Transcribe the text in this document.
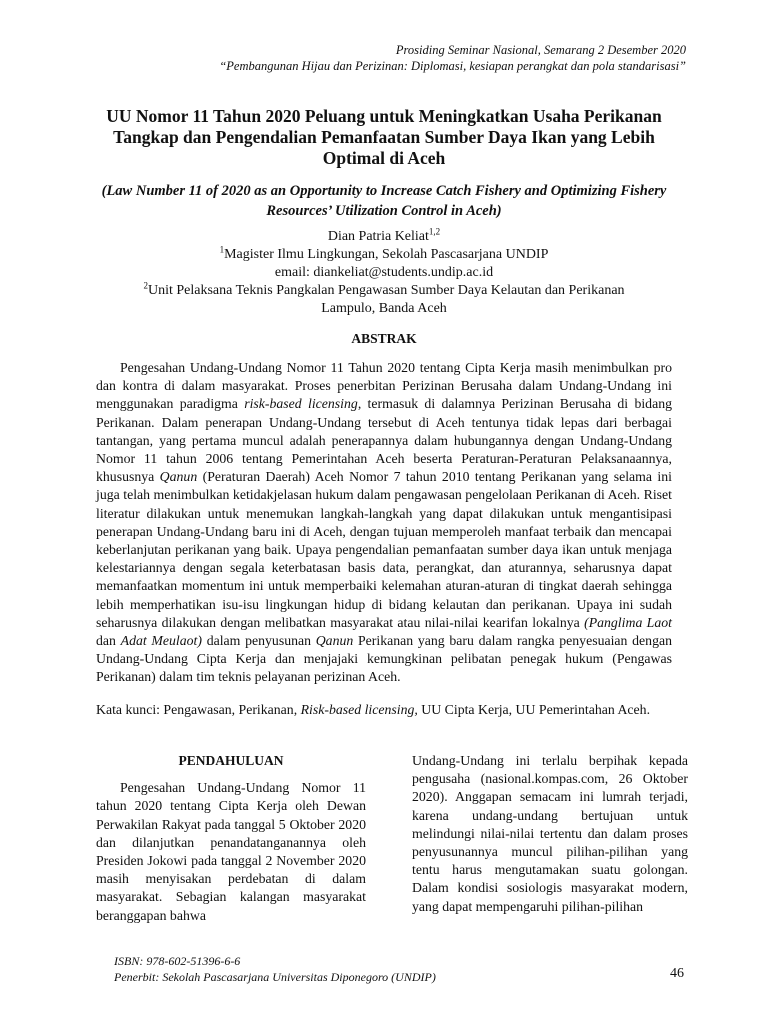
Prosiding Seminar Nasional, Semarang 2 Desember 2020
“Pembangunan Hijau dan Perizinan: Diplomasi, kesiapan perangkat dan pola standarisasi”
UU Nomor 11 Tahun 2020 Peluang untuk Meningkatkan Usaha Perikanan Tangkap dan Pengendalian Pemanfaatan Sumber Daya Ikan yang Lebih Optimal di Aceh
(Law Number 11 of 2020 as an Opportunity to Increase Catch Fishery and Optimizing Fishery Resources’ Utilization Control in Aceh)
Dian Patria Keliat$^{1,2}$
$^1$Magister Ilmu Lingkungan, Sekolah Pascasarjana UNDIP
email: diankeliat@students.undip.ac.id
$^2$Unit Pelaksana Teknis Pangkalan Pengawasan Sumber Daya Kelautan dan Perikanan
Lampulo, Banda Aceh
ABSTRAK

Pengesahan Undang-Undang Nomor 11 Tahun 2020 tentang Cipta Kerja masih menimbulkan pro dan kontra di dalam masyarakat. Proses penerbitan Perizinan Berusaha dalam Undang-Undang ini menggunakan paradigma risk-based licensing, termasuk di dalamnya Perizinan Berusaha di bidang Perikanan. Dalam penerapan Undang-Undang tersebut di Aceh tentunya tidak lepas dari berbagai tantangan, yang pertama muncul adalah penerapannya dalam hubungannya dengan Undang-Undang Nomor 11 tahun 2006 tentang Pemerintahan Aceh beserta Peraturan-Peraturan Pelaksanaannya, khususnya Qanun (Peraturan Daerah) Aceh Nomor 7 tahun 2010 tentang Perikanan yang selama ini juga telah menimbulkan ketidakjelasan hukum dalam pengawasan pengelolaan Perikanan di Aceh. Riset literatur dilakukan untuk menemukan langkah-langkah yang dapat dilakukan untuk mengantisipasi penerapan Undang-Undang baru ini di Aceh, dengan tujuan memperoleh manfaat terbaik dan mencapai keberlanjutan perikanan yang baik. Upaya pengendalian pemanfaatan sumber daya ikan untuk menjaga kelestariannya dengan segala keterbatasan basis data, perangkat, dan aturannya, seharusnya dapat memanfaatkan momentum ini untuk memperbaiki kelemahan aturan-aturan di tingkat daerah sehingga lebih memperhatikan isu-isu lingkungan hidup di bidang kelautan dan perikanan. Upaya ini sudah seharusnya dilakukan dengan melibatkan masyarakat atau nilai-nilai kearifan lokalnya (Panglima Laot dan Adat Meulaot) dalam penyusunan Qanun Perikanan yang baru dalam rangka penyesuaian dengan Undang-Undang Cipta Kerja dan menjajaki kemungkinan pelibatan penegak hukum (Pengawas Perikanan) dalam tim teknis pelayanan perizinan Aceh.

Kata kunci: Pengawasan, Perikanan, Risk-based licensing, UU Cipta Kerja, UU Pemerintahan Aceh.
PENDAHULUAN

Pengesahan Undang-Undang Nomor 11 tahun 2020 tentang Cipta Kerja oleh Dewan Perwakilan Rakyat pada tanggal 5 Oktober 2020 dan dilanjutkan penandatanganannya oleh Presiden Jokowi pada tanggal 2 November 2020 masih menyisakan perdebatan di dalam masyarakat. Sebagian kalangan masyarakat beranggapan bahwa

Undang-Undang ini terlalu berpihak kepada pengusaha (nasional.kompas.com, 26 Oktober 2020). Anggapan semacam ini lumrah terjadi, karena undang-undang bertujuan untuk melindungi nilai-nilai tertentu dan dalam proses penyusunannya muncul pilihan-pilihan yang tentu harus mengutamakan suatu golongan. Dalam kondisi sosiologis masyarakat modern, yang dapat mempengaruhi pilihan-pilihan

ISBN: 978-602-51396-6-6
Penerbit: Sekolah Pascasarjana Universitas Diponegoro (UNDIP)	46
